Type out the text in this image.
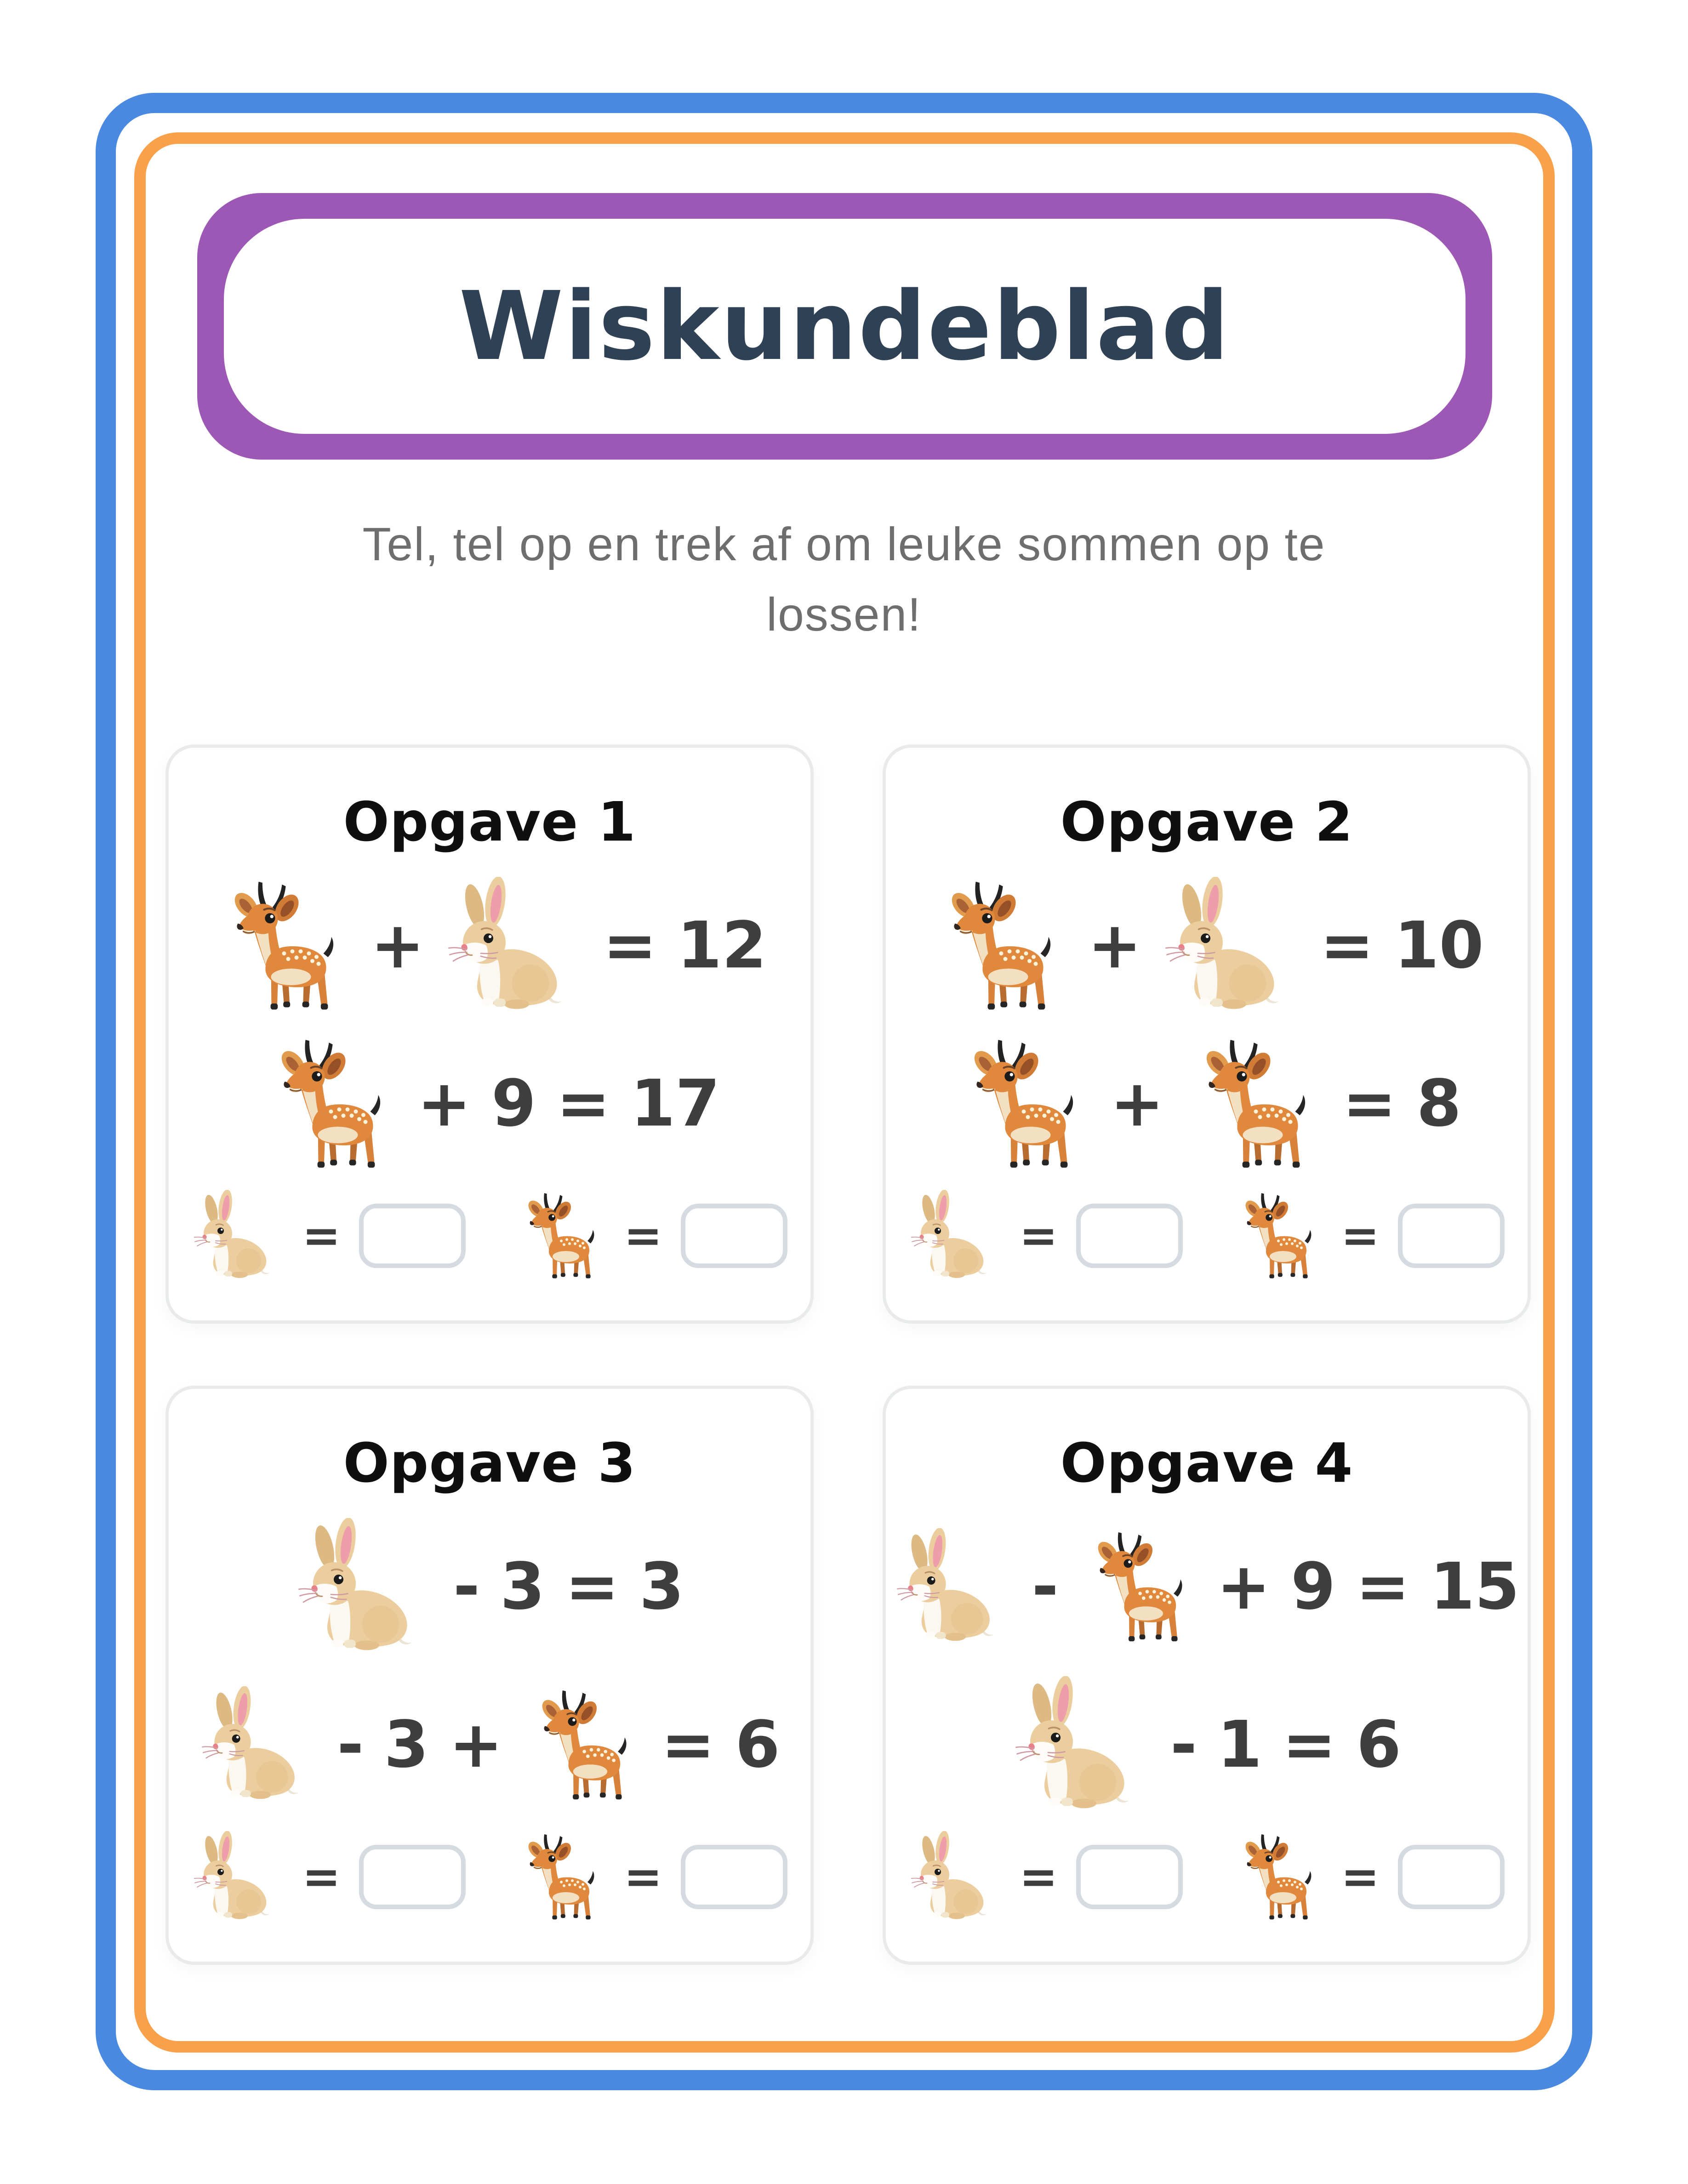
Wiskundeblad
Tel, tel op en trek af om leuke sommen op te lossen!
Opgave 1
+	= 12
+ 9 = 17
=	=
Opgave 2
+	= 10
+	= 8
=	=
Opgave 3
- 3 = 3
- 3 + = 6
=	=
Opgave 4
- + 9 = 15
- 1 = 6
=	=
